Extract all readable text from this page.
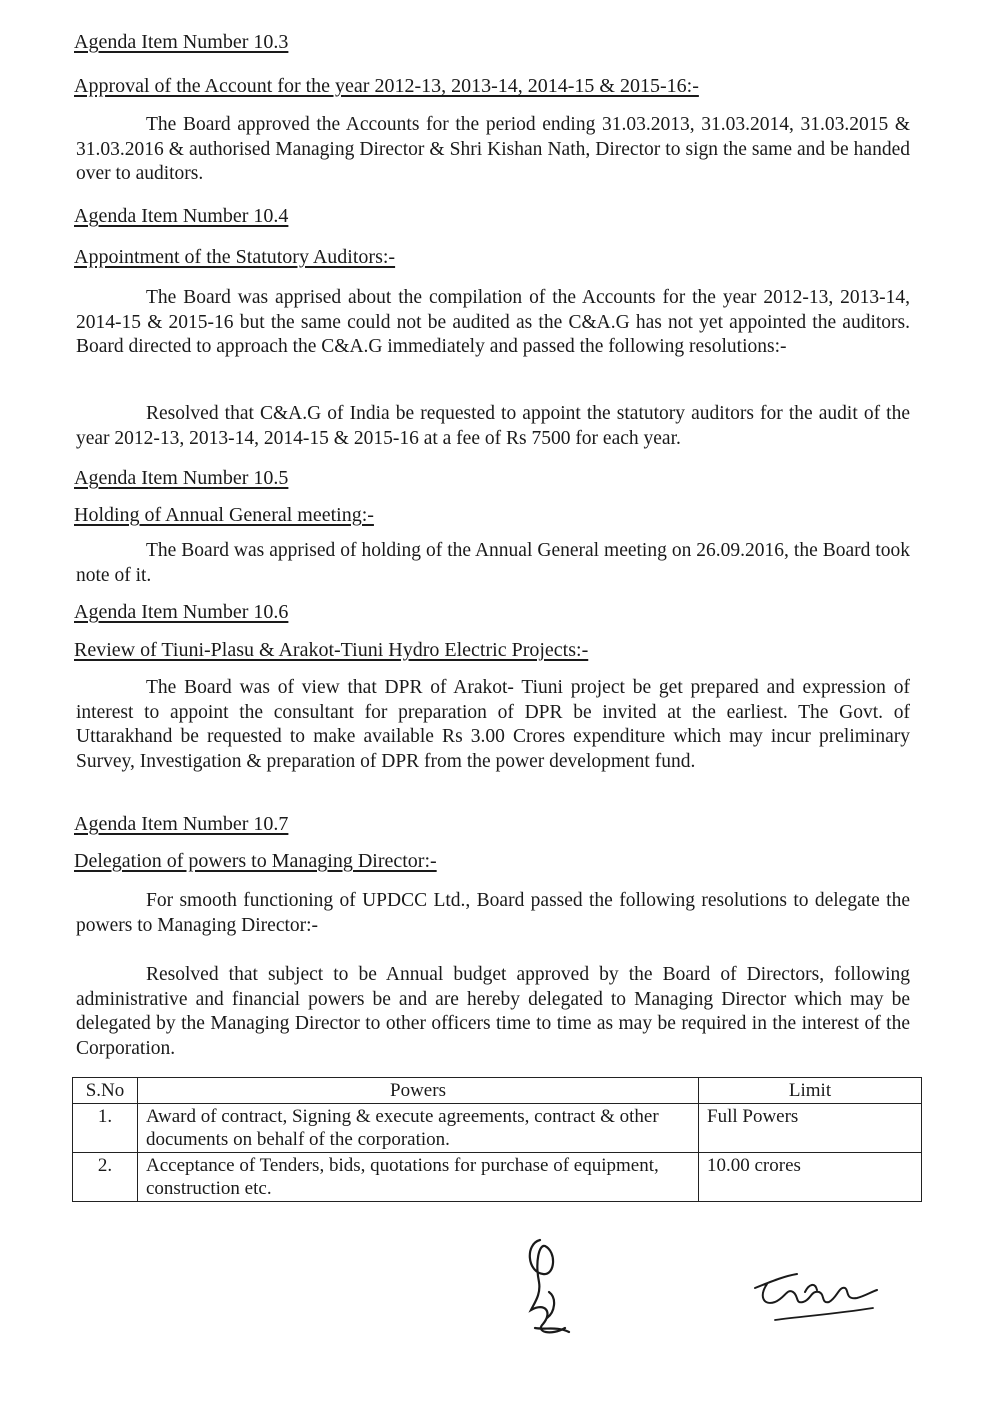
Agenda Item Number 10.3
Approval of the Account for the year 2012-13, 2013-14, 2014-15 & 2015-16:-

The Board approved the Accounts for the period ending 31.03.2013, 31.03.2014, 31.03.2015 & 31.03.2016 & authorised Managing Director & Shri Kishan Nath, Director to sign the same and be handed over to auditors.

Agenda Item Number 10.4
Appointment of the Statutory Auditors:-

The Board was apprised about the compilation of the Accounts for the year 2012-13, 2013-14, 2014-15 & 2015-16 but the same could not be audited as the C&A.G has not yet appointed the auditors. Board directed to approach the C&A.G immediately and passed the following resolutions:-

Resolved that C&A.G of India be requested to appoint the statutory auditors for the audit of the year 2012-13, 2013-14, 2014-15 & 2015-16 at a fee of Rs 7500 for each year.

Agenda Item Number 10.5
Holding of Annual General meeting:-

The Board was apprised of holding of the Annual General meeting on 26.09.2016, the Board took note of it.

Agenda Item Number 10.6
Review of Tiuni-Plasu & Arakot-Tiuni Hydro Electric Projects:-

The Board was of view that DPR of Arakot- Tiuni project be get prepared and expression of interest to appoint the consultant for preparation of DPR be invited at the earliest. The Govt. of Uttarakhand be requested to make available Rs 3.00 Crores expenditure which may incur preliminary Survey, Investigation & preparation of DPR from the power development fund.

Agenda Item Number 10.7
Delegation of powers to Managing Director:-

For smooth functioning of UPDCC Ltd., Board passed the following resolutions to delegate the powers to Managing Director:-

Resolved that subject to be Annual budget approved by the Board of Directors, following administrative and financial powers be and are hereby delegated to Managing Director which may be delegated by the Managing Director to other officers time to time as may be required in the interest of the Corporation.

S.No	Powers	Limit
1.	Award of contract, Signing & execute agreements, contract & other documents on behalf of the corporation.	Full Powers
2.	Acceptance of Tenders, bids, quotations for purchase of equipment, construction etc.	10.00 crores
